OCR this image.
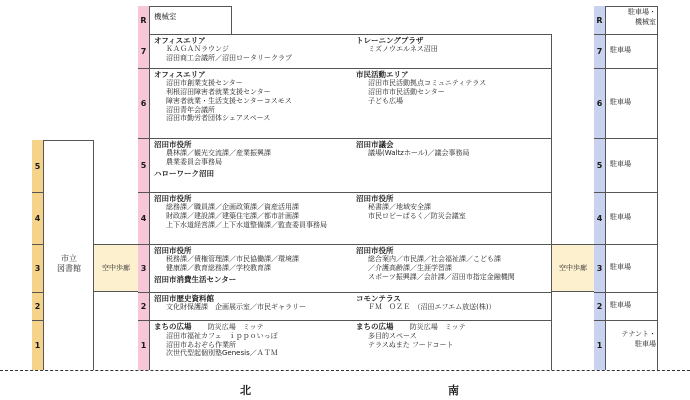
5
4
3
2
1
市立
図書館	空中歩廊
R 機械室
7
6
5
4
3
2
1
オフィスエリア
ＫＡＧＡＮラウンジ
沼田商工会議所／沼田ロータリークラブ
トレーニングプラザ
ミズノウエルネス沼田
オフィスエリア
沼田市創業支援センター
利根沼田障害者就業支援センター
障害者就業・生活支援センターコスモス
沼田青年会議所
沼田市勤労者団体シェアスペース
市民活動エリア
沼田市民活動拠点コミュニティテラス
沼田市市民活動センター
子ども広場
沼田市役所
農林課／観光交流課／産業振興課
農業委員会事務局
ハローワーク沼田
沼田市議会
議場(Waltzホール)／議会事務局
沼田市役所
総務課／職員課／企画政策課／資産活用課
財政課／建設課／建築住宅課／都市計画課
上下水道経営課／上下水道整備課／監査委員事務局
沼田市役所
秘書課／地域安全課
市民ロビーぱるく／防災会議室
沼田市役所
税務課／債権管理課／市民協働課／環境課
健康課／教育総務課／学校教育課
沼田市消費生活センター
沼田市役所
総合案内／市民課／社会福祉課／こども課
／介護高齢課／生涯学習課
スポーツ振興課／会計課／沼田市指定金融機関
沼田市歴史資料館
文化財保護課　企画展示室／市民ギャラリー
コモンテラス
ＦＭ　ＯＺＥ　（沼田エフエム放送(株)）
まちの広場 防災広場　ミッテ
沼田市福祉カフェ　ｉｐｐｏいっぽ
沼田市あおぞら作業所
次世代型起個別塾Genesis／ＡＴＭ
まちの広場 防災広場　ミッテ
多目的スペース
テラスぬまた フードコート
空中歩廊
R
7
6
5
4
3
2
1
駐車場・
機械室
駐車場
駐車場
駐車場
駐車場
駐車場
駐車場
テナント・
駐車場
北	南
